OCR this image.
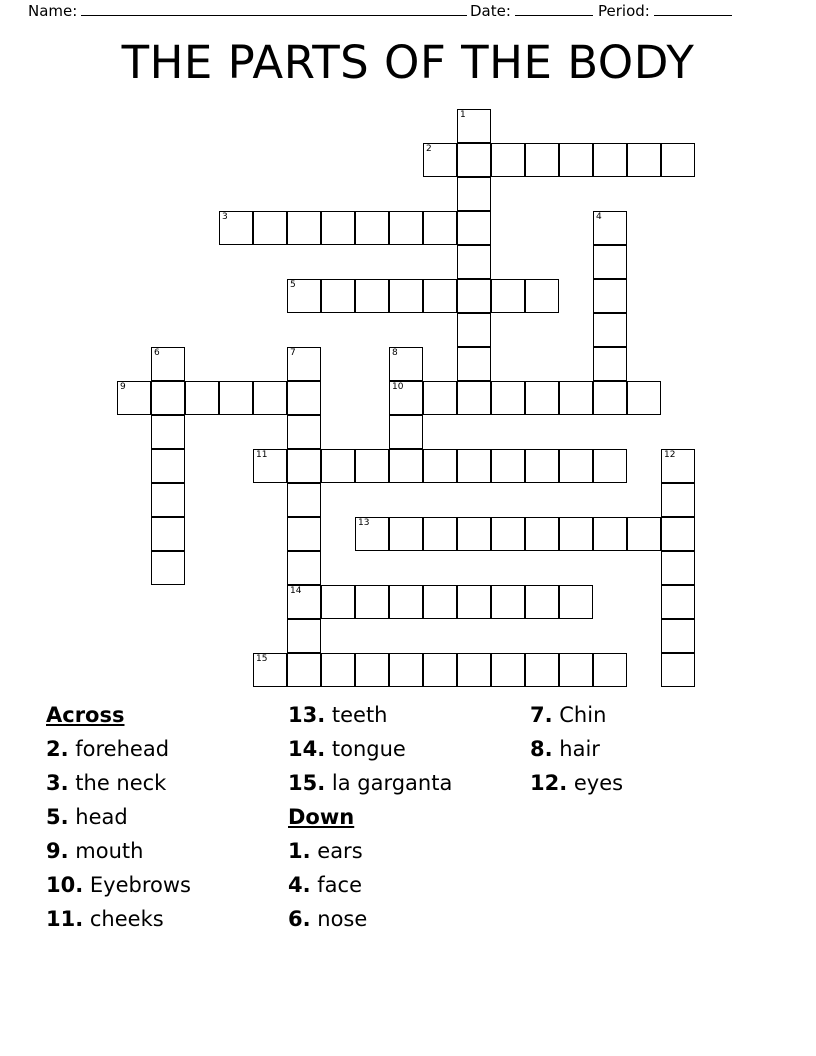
Name:	Date:	Period:
THE PARTS OF THE BODY
1
2
3	4
5
6	7
14
8
10
9
11	12
13
15
Across
2. forehead
3. the neck
5. head
9. mouth
10. Eyebrows
11. cheeks
13. teeth
14. tongue
15. la garganta
Down
1. ears
4. face
6. nose
7. Chin
8. hair
12. eyes
